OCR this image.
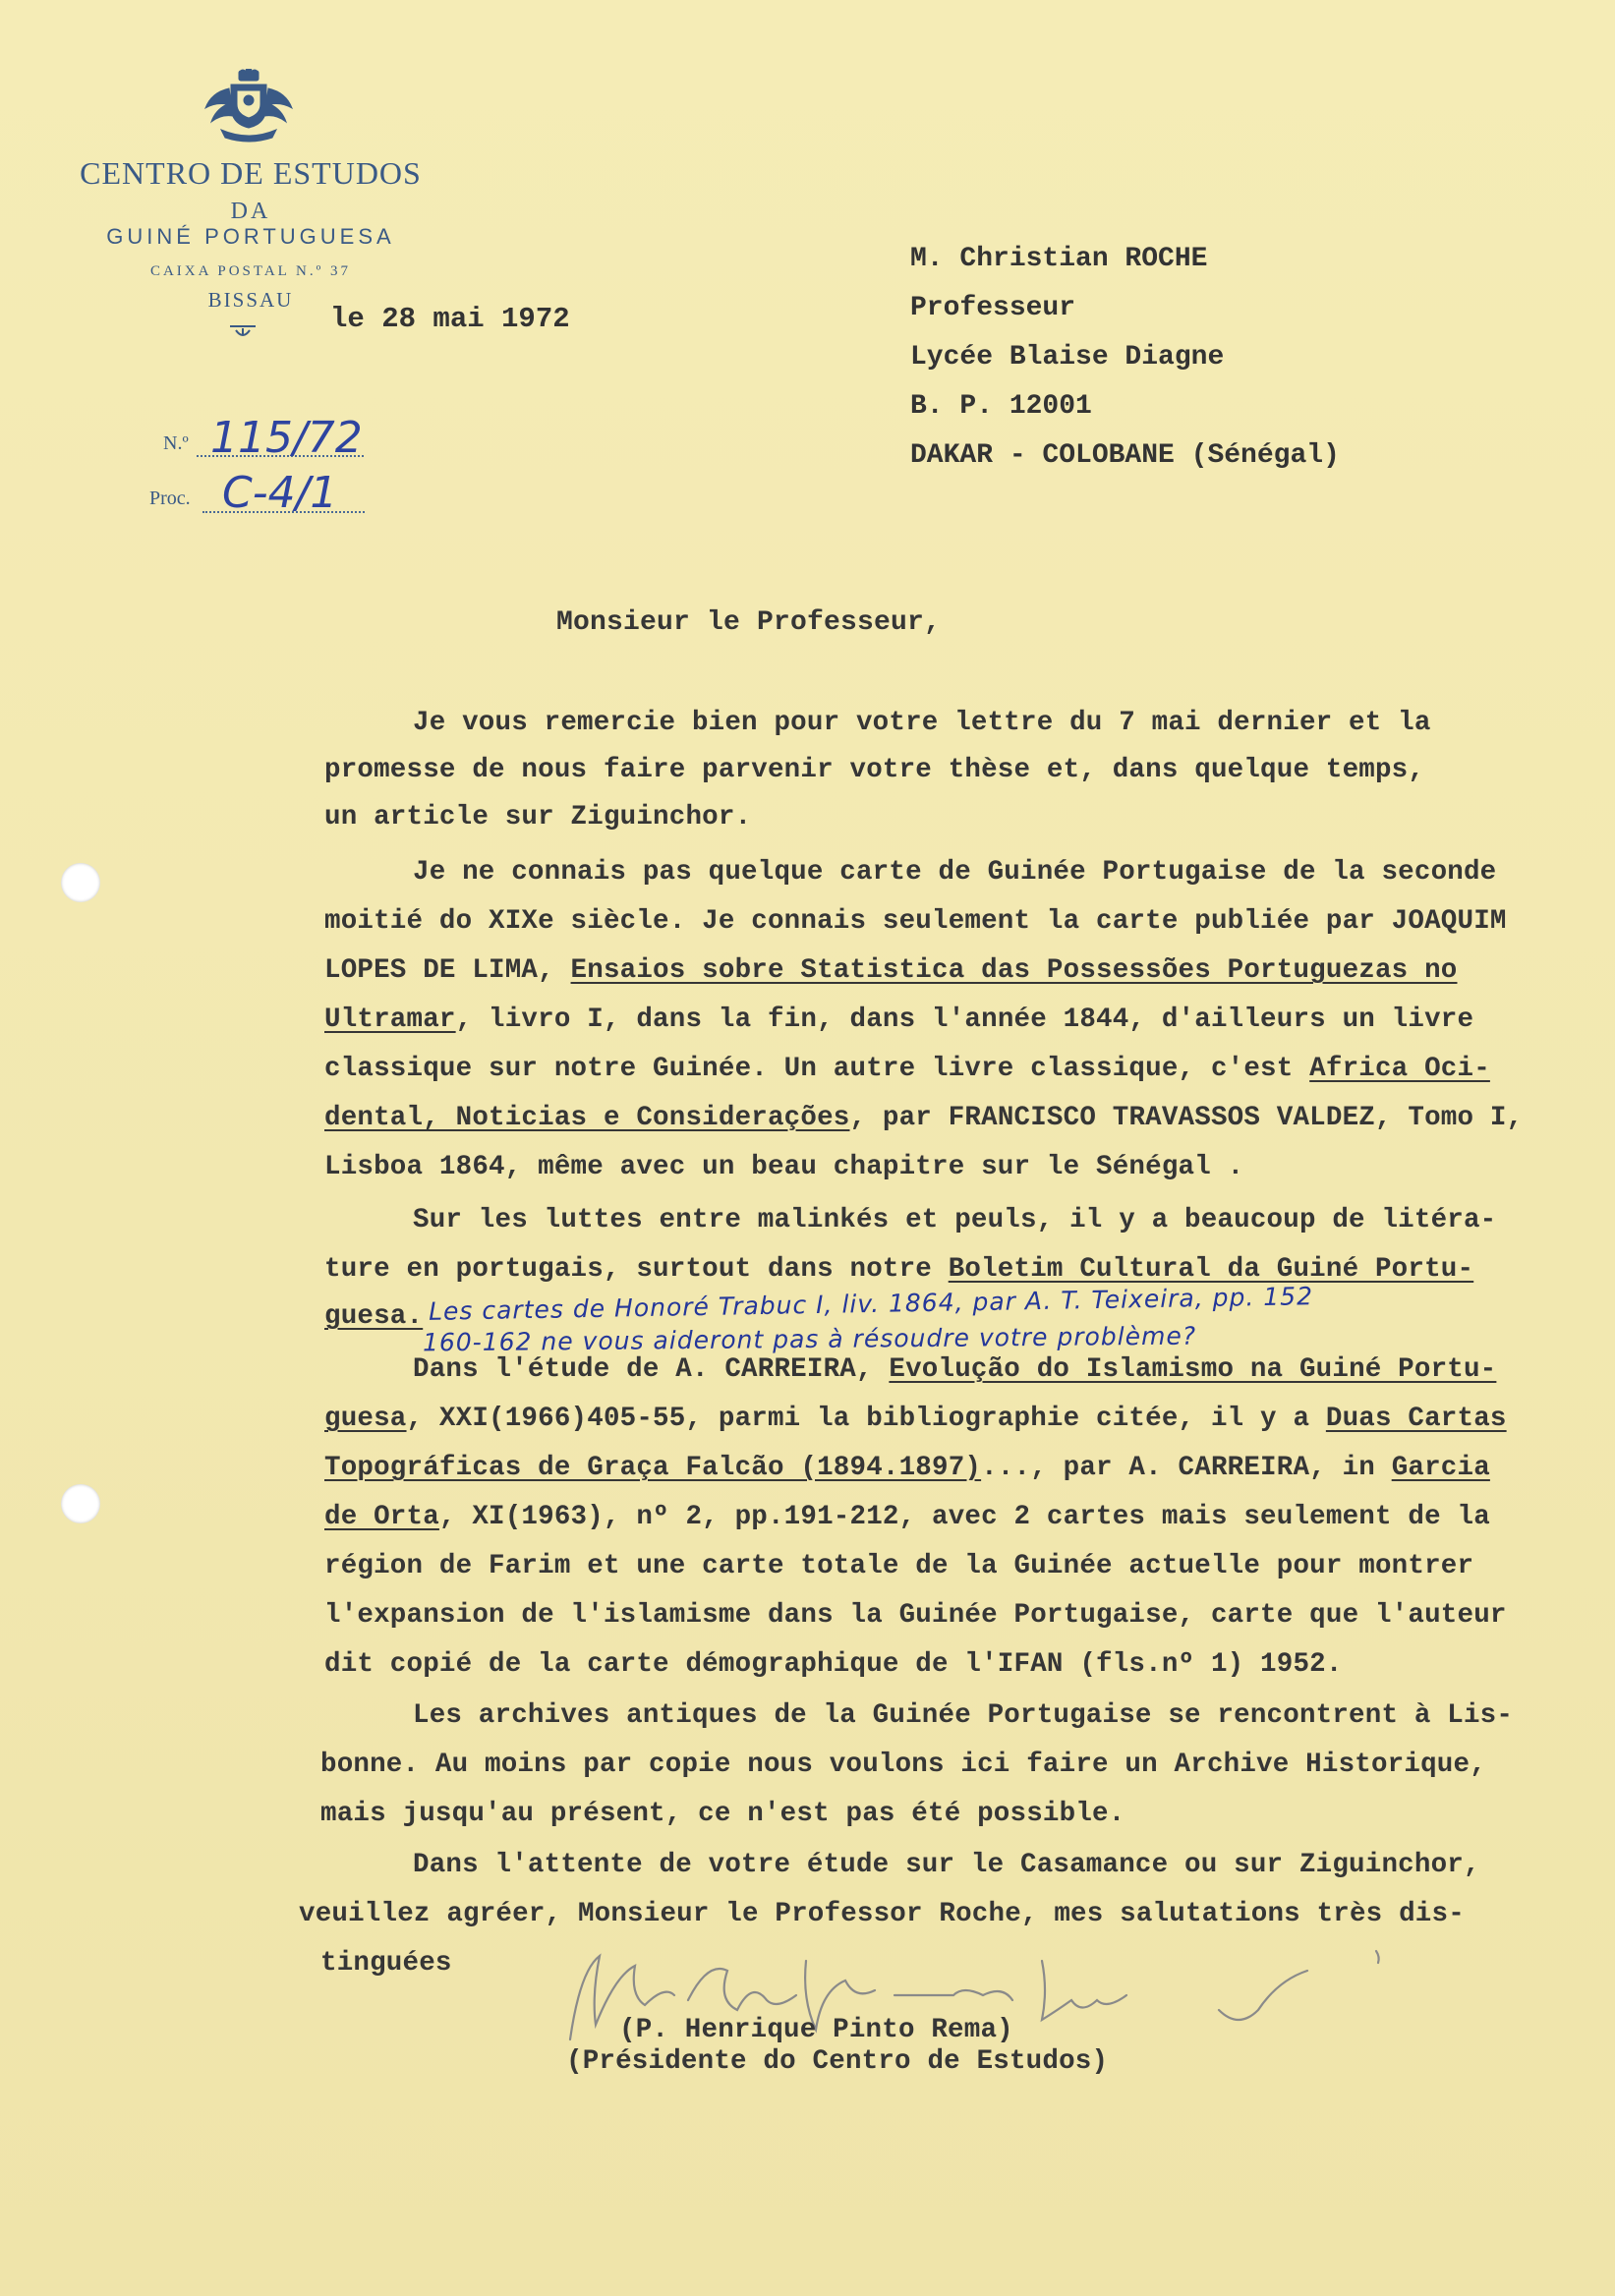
CENTRO DE ESTUDOS
DA
GUINÉ PORTUGUESA
CAIXA POSTAL N.º 37
BISSAU
le 28 mai 1972
N.º 115/72
Proc. C-4/1
M. Christian ROCHE
Professeur
Lycée Blaise Diagne
B. P. 12001
DAKAR - COLOBANE (Sénégal)
Monsieur le Professeur,
Je vous remercie bien pour votre lettre du 7 mai dernier et la
promesse de nous faire parvenir votre thèse et, dans quelque temps,
un article sur Ziguinchor.
Je ne connais pas quelque carte de Guinée Portugaise de la seconde
moitié do XIXe siècle. Je connais seulement la carte publiée par JOAQUIM
LOPES DE LIMA, Ensaios sobre Statistica das Possessões Portuguezas no
Ultramar, livro I, dans la fin, dans l'année 1844, d'ailleurs un livre
classique sur notre Guinée. Un autre livre classique, c'est Africa Oci-
dental, Noticias e Considerações, par FRANCISCO TRAVASSOS VALDEZ, Tomo I,
Lisboa 1864, même avec un beau chapitre sur le Sénégal .
Sur les luttes entre malinkés et peuls, il y a beaucoup de litéra-
ture en portugais, surtout dans notre Boletim Cultural da Guiné Portu-
guesa. Les cartes de Honoré Trabuc I, liv. 1864, par A. T. Teixeira, pp. 152
160-162 ne vous aideront pas à résoudre votre problème?
Dans l'étude de A. CARREIRA, Evolução do Islamismo na Guiné Portu-
guesa, XXI(1966)405-55, parmi la bibliographie citée, il y a Duas Cartas
Topográficas de Graça Falcão (1894.1897)..., par A. CARREIRA, in Garcia
de Orta, XI(1963), nº 2, pp.191-212, avec 2 cartes mais seulement de la
région de Farim et une carte totale de la Guinée actuelle pour montrer
l'expansion de l'islamisme dans la Guinée Portugaise, carte que l'auteur
dit copié de la carte démographique de l'IFAN (fls.nº 1) 1952.
Les archives antiques de la Guinée Portugaise se rencontrent à Lis-
bonne. Au moins par copie nous voulons ici faire un Archive Historique,
mais jusqu'au présent, ce n'est pas été possible.
Dans l'attente de votre étude sur le Casamance ou sur Ziguinchor,
veuillez agréer, Monsieur le Professor Roche, mes salutations très dis-
tinguées
(P. Henrique Pinto Rema)
(Présidente do Centro de Estudos)
